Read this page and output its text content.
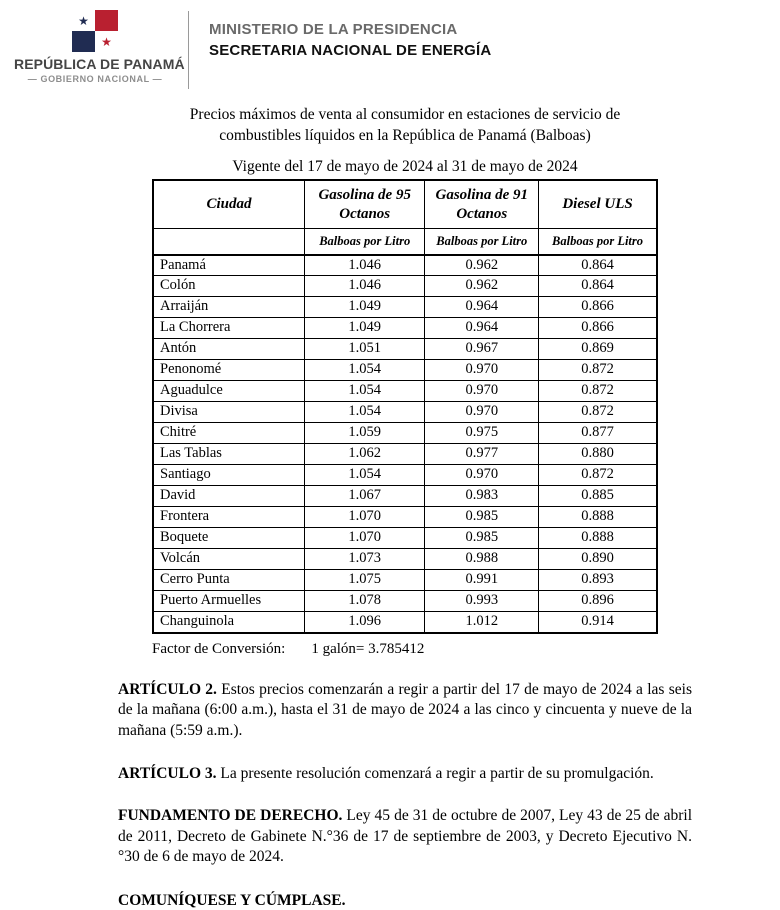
★
★
REPÚBLICA DE PANAMÁ
— GOBIERNO NACIONAL —
MINISTERIO DE LA PRESIDENCIA
SECRETARIA NACIONAL DE ENERGÍA
Precios máximos de venta al consumidor en estaciones de servicio de
combustibles líquidos en la República de Panamá (Balboas)
Vigente del 17 de mayo de 2024 al 31 de mayo de 2024
Ciudad	Gasolina de 95 Octanos	Gasolina de 91 Octanos	Diesel ULS
	Balboas por Litro	Balboas por Litro	Balboas por Litro
Panamá	1.046	0.962	0.864
Colón	1.046	0.962	0.864
Arraiján	1.049	0.964	0.866
La Chorrera	1.049	0.964	0.866
Antón	1.051	0.967	0.869
Penonomé	1.054	0.970	0.872
Aguadulce	1.054	0.970	0.872
Divisa	1.054	0.970	0.872
Chitré	1.059	0.975	0.877
Las Tablas	1.062	0.977	0.880
Santiago	1.054	0.970	0.872
David	1.067	0.983	0.885
Frontera	1.070	0.985	0.888
Boquete	1.070	0.985	0.888
Volcán	1.073	0.988	0.890
Cerro Punta	1.075	0.991	0.893
Puerto Armuelles	1.078	0.993	0.896
Changuinola	1.096	1.012	0.914
Factor de Conversión: 1 galón= 3.785412

ARTÍCULO 2. Estos precios comenzarán a regir a partir del 17 de mayo de 2024 a las seis de la mañana (6:00 a.m.), hasta el 31 de mayo de 2024 a las cinco y cincuenta y nueve de la mañana (5:59 a.m.).

ARTÍCULO 3. La presente resolución comenzará a regir a partir de su promulgación.

FUNDAMENTO DE DERECHO. Ley 45 de 31 de octubre de 2007, Ley 43 de 25 de abril de 2011, Decreto de Gabinete N.°36 de 17 de septiembre de 2003, y Decreto Ejecutivo N.°30 de 6 de mayo de 2024.

COMUNÍQUESE Y CÚMPLASE.
